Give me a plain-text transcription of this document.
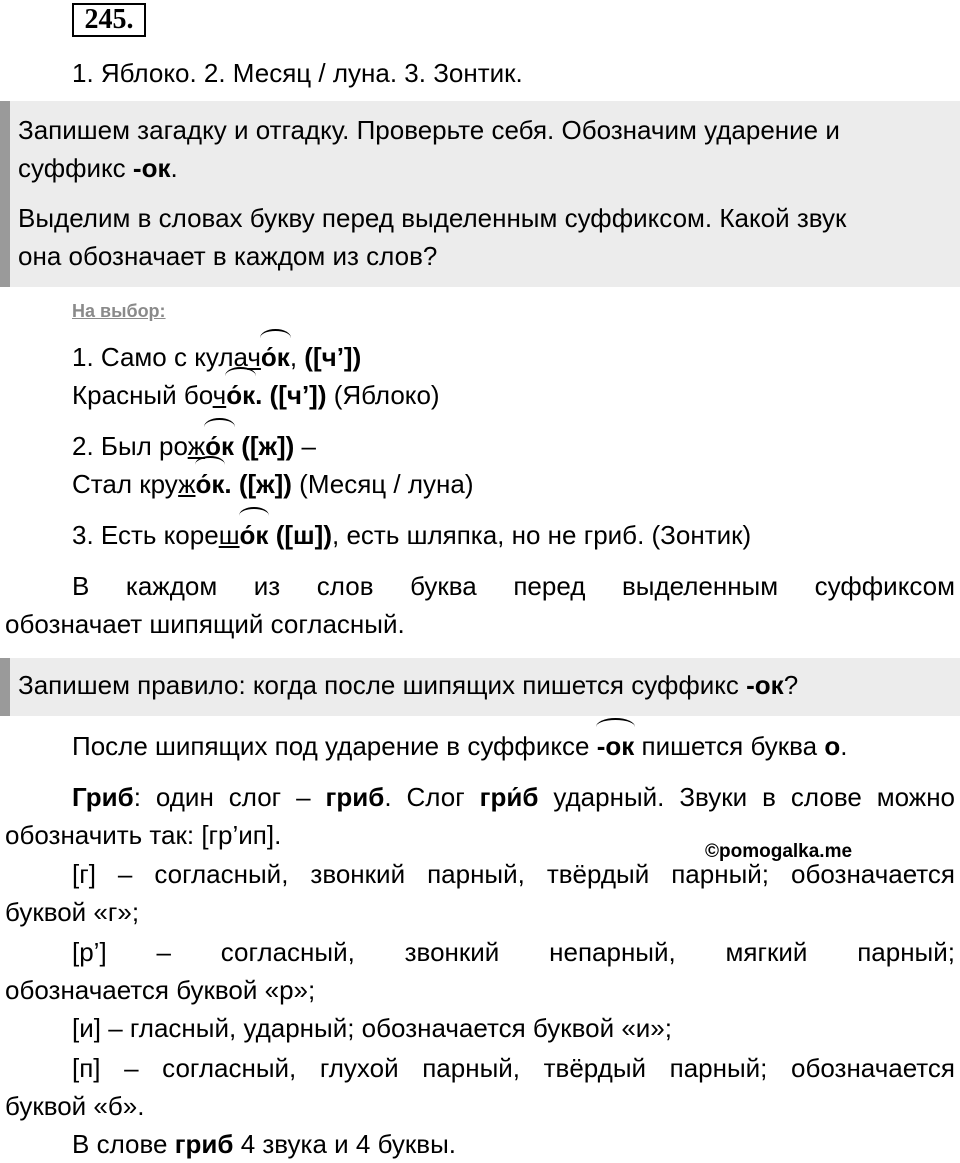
245.
1. Яблоко. 2. Месяц / луна. 3. Зонтик.
Запишем загадку и отгадку. Проверьте себя. Обозначим ударение и
суффикс -ок.
Выделим в словах букву перед выделенным суффиксом. Какой звук
она обозначает в каждом из слов?
На выбор:
1. Само с кулачо́к, ([ч’])
Красный бочо́к. ([ч’]) (Яблоко)
2. Был рожо́к ([ж]) –
Стал кружо́к. ([ж]) (Месяц / луна)
3. Есть корешо́к ([ш]), есть шляпка, но не гриб. (Зонтик)
В каждом из слов буква перед выделенным суффиксом
обозначает шипящий согласный.
Запишем правило: когда после шипящих пишется суффикс -ок?
После шипящих под ударение в суффиксе -ок пишется буква о.
Гриб: один слог – гриб. Слог гри́б ударный. Звуки в слове можно
обозначить так: [гр’ип].
©pomogalka.me
[г] – согласный, звонкий парный, твёрдый парный; обозначается
буквой «г»;
[р’] – согласный, звонкий непарный, мягкий парный;
обозначается буквой «р»;
[и] – гласный, ударный; обозначается буквой «и»;
[п] – согласный, глухой парный, твёрдый парный; обозначается
буквой «б».
В слове гриб 4 звука и 4 буквы.
